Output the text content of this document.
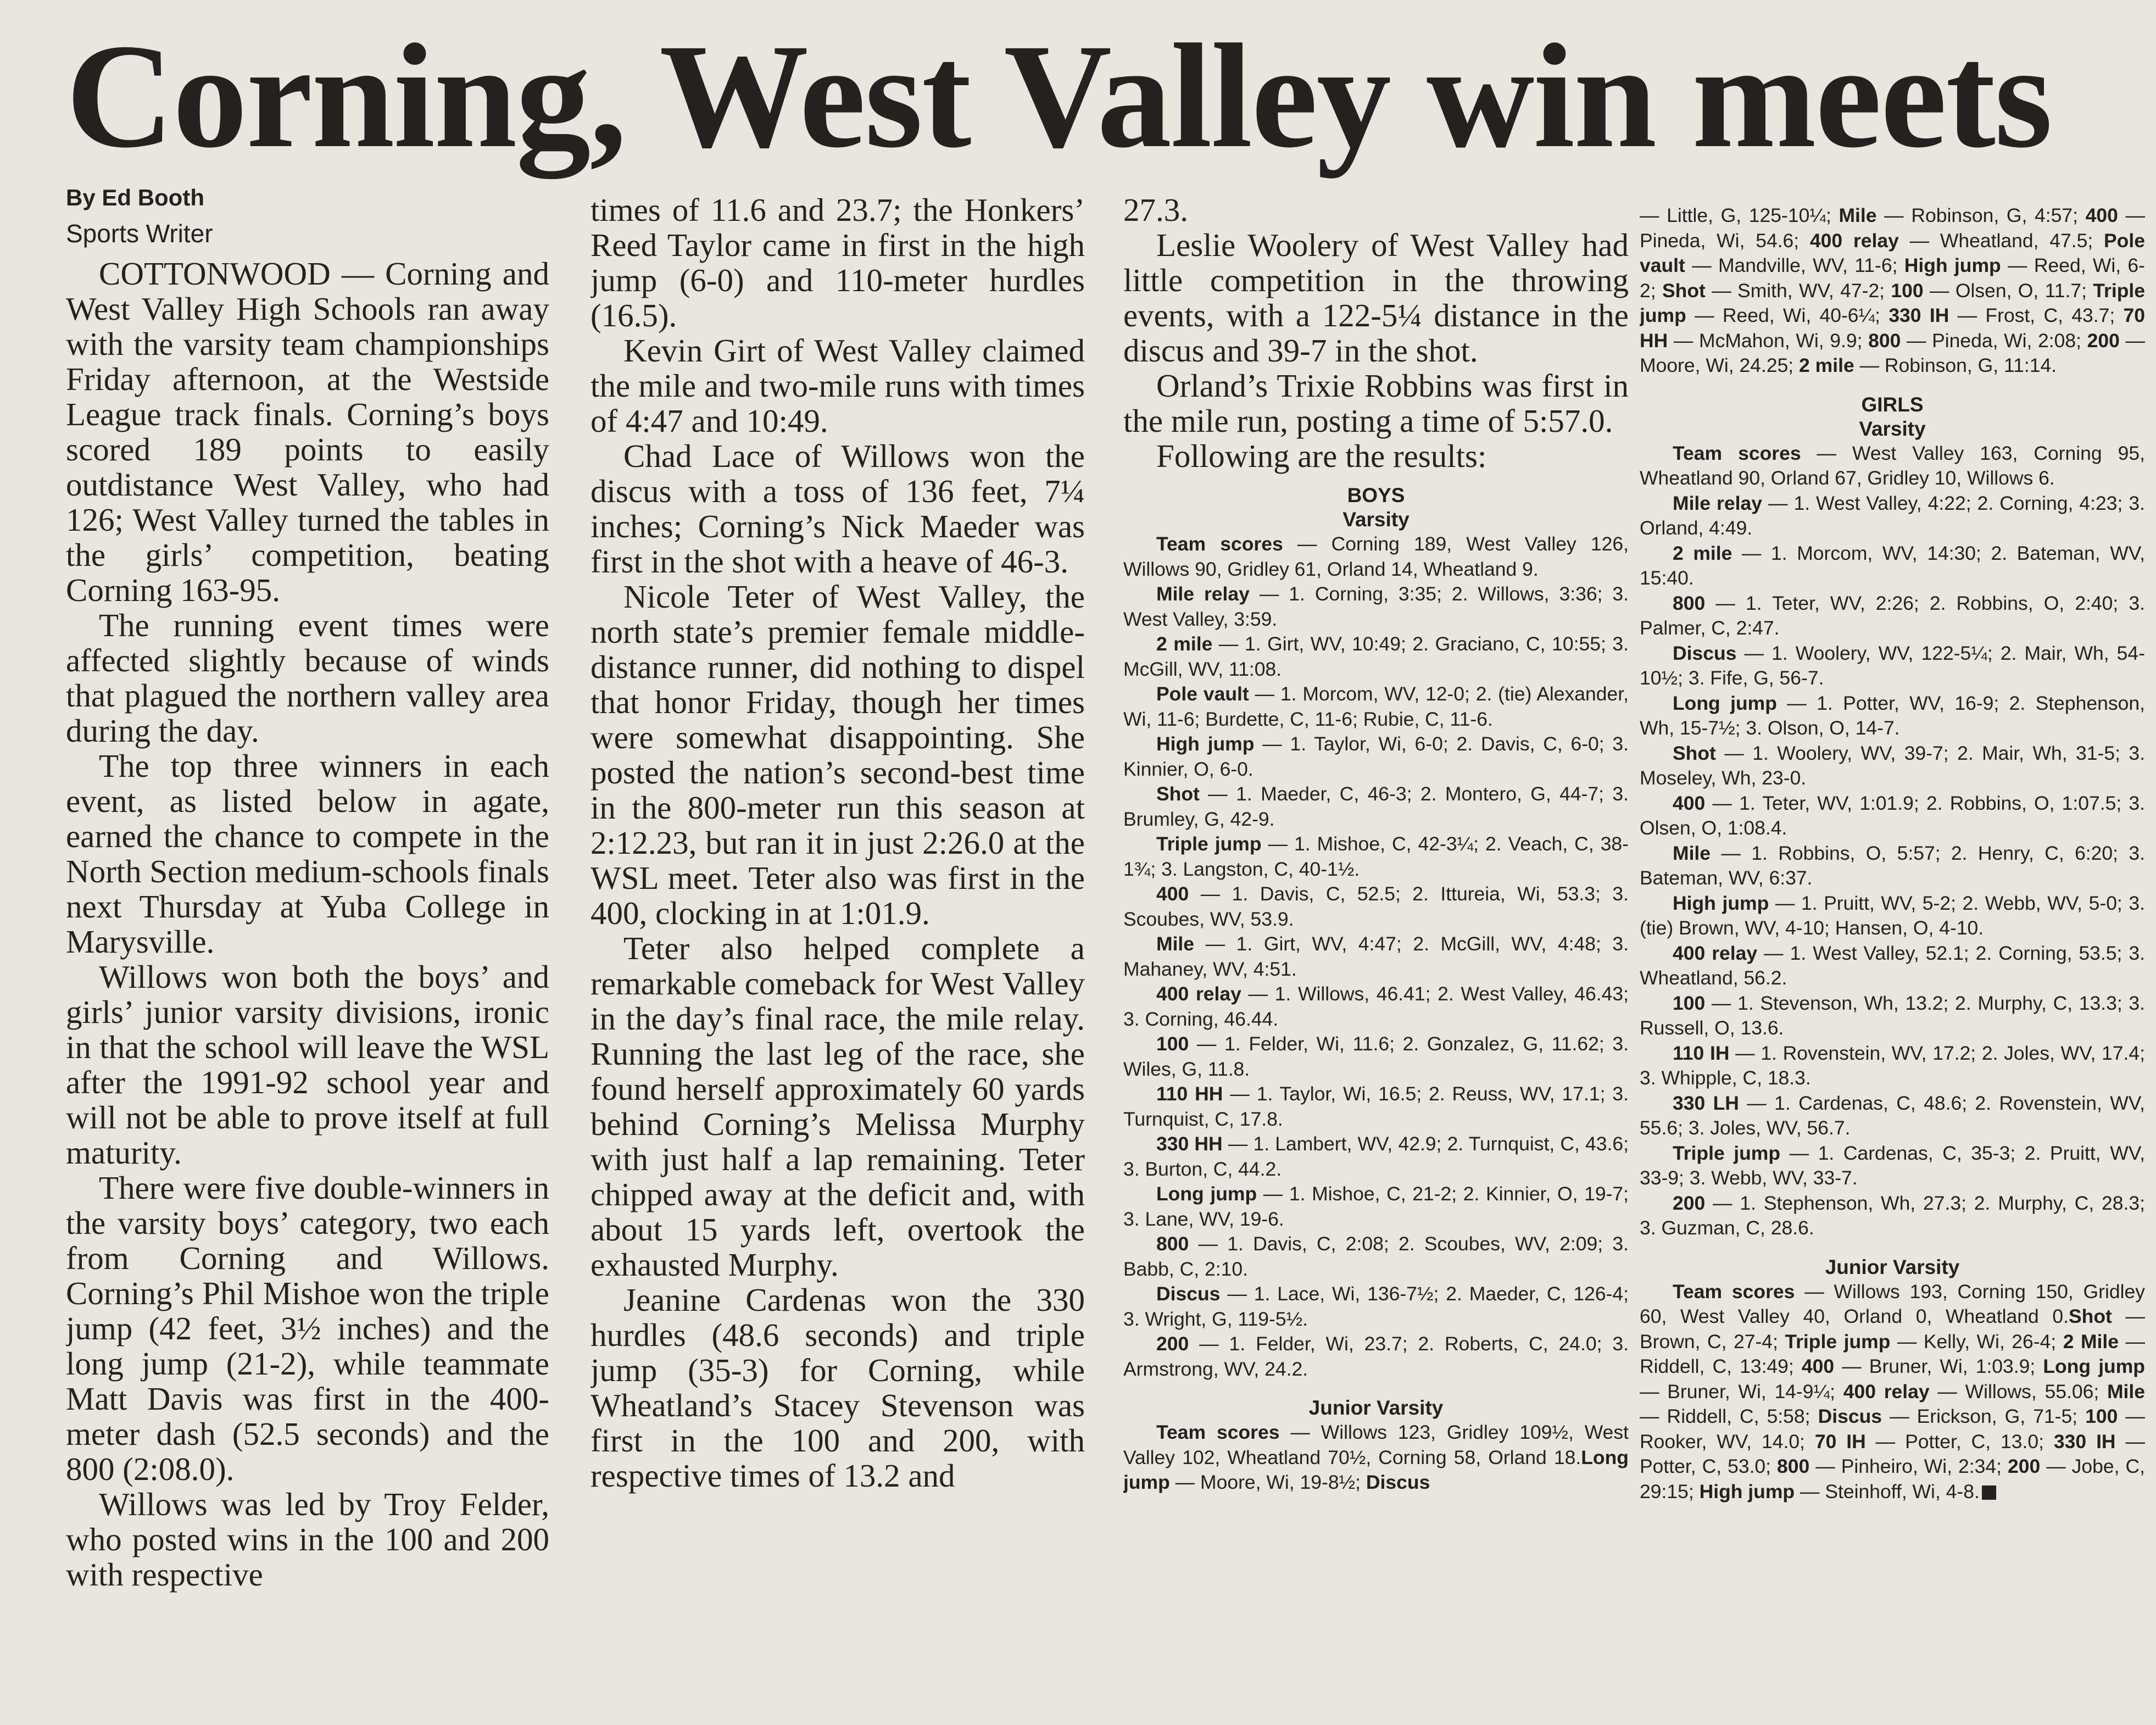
Corning, West Valley win meets
By Ed Booth
Sports Writer

COTTONWOOD — Corning and West Valley High Schools ran away with the varsity team championships Friday afternoon, at the Westside League track finals. Corning’s boys scored 189 points to easily outdistance West Valley, who had 126; West Valley turned the tables in the girls’ competition, beating Corning 163-95.

The running event times were affected slightly because of winds that plagued the northern valley area during the day.

The top three winners in each event, as listed below in agate, earned the chance to compete in the North Section medium-schools finals next Thursday at Yuba College in Marysville.

Willows won both the boys’ and girls’ junior varsity divisions, ironic in that the school will leave the WSL after the 1991-92 school year and will not be able to prove itself at full maturity.

There were five double-winners in the varsity boys’ category, two each from Corning and Willows. Corning’s Phil Mishoe won the triple jump (42 feet, 3½ inches) and the long jump (21-2), while teammate Matt Davis was first in the 400-meter dash (52.5 seconds) and the 800 (2:08.0).

Willows was led by Troy Felder, who posted wins in the 100 and 200 with respective

times of 11.6 and 23.7; the Honkers’ Reed Taylor came in first in the high jump (6-0) and 110-meter hurdles (16.5).

Kevin Girt of West Valley claimed the mile and two-mile runs with times of 4:47 and 10:49.

Chad Lace of Willows won the discus with a toss of 136 feet, 7¼ inches; Corning’s Nick Maeder was first in the shot with a heave of 46-3.

Nicole Teter of West Valley, the north state’s premier female middle-distance runner, did nothing to dispel that honor Friday, though her times were somewhat disappointing. She posted the nation’s second-best time in the 800-meter run this season at 2:12.23, but ran it in just 2:26.0 at the WSL meet. Teter also was first in the 400, clocking in at 1:01.9.

Teter also helped complete a remarkable comeback for West Valley in the day’s final race, the mile relay. Running the last leg of the race, she found herself approximately 60 yards behind Corning’s Melissa Murphy with just half a lap remaining. Teter chipped away at the deficit and, with about 15 yards left, overtook the exhausted Murphy.

Jeanine Cardenas won the 330 hurdles (48.6 seconds) and triple jump (35-3) for Corning, while Wheatland’s Stacey Stevenson was first in the 100 and 200, with respective times of 13.2 and

27.3.

Leslie Woolery of West Valley had little competition in the throwing events, with a 122-5¼ distance in the discus and 39-7 in the shot.

Orland’s Trixie Robbins was first in the mile run, posting a time of 5:57.0.

Following are the results:

BOYS
Varsity

Team scores — Corning 189, West Valley 126, Willows 90, Gridley 61, Orland 14, Wheatland 9.

Mile relay — 1. Corning, 3:35; 2. Willows, 3:36; 3. West Valley, 3:59.

2 mile — 1. Girt, WV, 10:49; 2. Graciano, C, 10:55; 3. McGill, WV, 11:08.

Pole vault — 1. Morcom, WV, 12-0; 2. (tie) Alexander, Wi, 11-6; Burdette, C, 11-6; Rubie, C, 11-6.

High jump — 1. Taylor, Wi, 6-0; 2. Davis, C, 6-0; 3. Kinnier, O, 6-0.

Shot — 1. Maeder, C, 46-3; 2. Montero, G, 44-7; 3. Brumley, G, 42-9.

Triple jump — 1. Mishoe, C, 42-3¼; 2. Veach, C, 38-1¾; 3. Langston, C, 40-1½.

400 — 1. Davis, C, 52.5; 2. Ittureia, Wi, 53.3; 3. Scoubes, WV, 53.9.

Mile — 1. Girt, WV, 4:47; 2. McGill, WV, 4:48; 3. Mahaney, WV, 4:51.

400 relay — 1. Willows, 46.41; 2. West Valley, 46.43; 3. Corning, 46.44.

100 — 1. Felder, Wi, 11.6; 2. Gonzalez, G, 11.62; 3. Wiles, G, 11.8.

110 HH — 1. Taylor, Wi, 16.5; 2. Reuss, WV, 17.1; 3. Turnquist, C, 17.8.

330 HH — 1. Lambert, WV, 42.9; 2. Turnquist, C, 43.6; 3. Burton, C, 44.2.

Long jump — 1. Mishoe, C, 21-2; 2. Kinnier, O, 19-7; 3. Lane, WV, 19-6.

800 — 1. Davis, C, 2:08; 2. Scoubes, WV, 2:09; 3. Babb, C, 2:10.

Discus — 1. Lace, Wi, 136-7½; 2. Maeder, C, 126-4; 3. Wright, G, 119-5½.

200 — 1. Felder, Wi, 23.7; 2. Roberts, C, 24.0; 3. Armstrong, WV, 24.2.

Junior Varsity

Team scores — Willows 123, Gridley 109½, West Valley 102, Wheatland 70½, Corning 58, Orland 18.Long jump — Moore, Wi, 19-8½; Discus

— Little, G, 125-10¼; Mile — Robinson, G, 4:57; 400 — Pineda, Wi, 54.6; 400 relay — Wheatland, 47.5; Pole vault — Mandville, WV, 11-6; High jump — Reed, Wi, 6-2; Shot — Smith, WV, 47-2; 100 — Olsen, O, 11.7; Triple jump — Reed, Wi, 40-6¼; 330 IH — Frost, C, 43.7; 70 HH — McMahon, Wi, 9.9; 800 — Pineda, Wi, 2:08; 200 — Moore, Wi, 24.25; 2 mile — Robinson, G, 11:14.

GIRLS
Varsity

Team scores — West Valley 163, Corning 95, Wheatland 90, Orland 67, Gridley 10, Willows 6.

Mile relay — 1. West Valley, 4:22; 2. Corning, 4:23; 3. Orland, 4:49.

2 mile — 1. Morcom, WV, 14:30; 2. Bateman, WV, 15:40.

800 — 1. Teter, WV, 2:26; 2. Robbins, O, 2:40; 3. Palmer, C, 2:47.

Discus — 1. Woolery, WV, 122-5¼; 2. Mair, Wh, 54-10½; 3. Fife, G, 56-7.

Long jump — 1. Potter, WV, 16-9; 2. Stephenson, Wh, 15-7½; 3. Olson, O, 14-7.

Shot — 1. Woolery, WV, 39-7; 2. Mair, Wh, 31-5; 3. Moseley, Wh, 23-0.

400 — 1. Teter, WV, 1:01.9; 2. Robbins, O, 1:07.5; 3. Olsen, O, 1:08.4.

Mile — 1. Robbins, O, 5:57; 2. Henry, C, 6:20; 3. Bateman, WV, 6:37.

High jump — 1. Pruitt, WV, 5-2; 2. Webb, WV, 5-0; 3. (tie) Brown, WV, 4-10; Hansen, O, 4-10.

400 relay — 1. West Valley, 52.1; 2. Corning, 53.5; 3. Wheatland, 56.2.

100 — 1. Stevenson, Wh, 13.2; 2. Murphy, C, 13.3; 3. Russell, O, 13.6.

110 IH — 1. Rovenstein, WV, 17.2; 2. Joles, WV, 17.4; 3. Whipple, C, 18.3.

330 LH — 1. Cardenas, C, 48.6; 2. Rovenstein, WV, 55.6; 3. Joles, WV, 56.7.

Triple jump — 1. Cardenas, C, 35-3; 2. Pruitt, WV, 33-9; 3. Webb, WV, 33-7.

200 — 1. Stephenson, Wh, 27.3; 2. Murphy, C, 28.3; 3. Guzman, C, 28.6.

Junior Varsity

Team scores — Willows 193, Corning 150, Gridley 60, West Valley 40, Orland 0, Wheatland 0.Shot — Brown, C, 27-4; Triple jump — Kelly, Wi, 26-4; 2 Mile — Riddell, C, 13:49; 400 — Bruner, Wi, 1:03.9; Long jump — Bruner, Wi, 14-9¼; 400 relay — Willows, 55.06; Mile — Riddell, C, 5:58; Discus — Erickson, G, 71-5; 100 — Rooker, WV, 14.0; 70 IH — Potter, C, 13.0; 330 IH — Potter, C, 53.0; 800 — Pinheiro, Wi, 2:34; 200 — Jobe, C, 29:15; High jump — Steinhoff, Wi, 4-8.
